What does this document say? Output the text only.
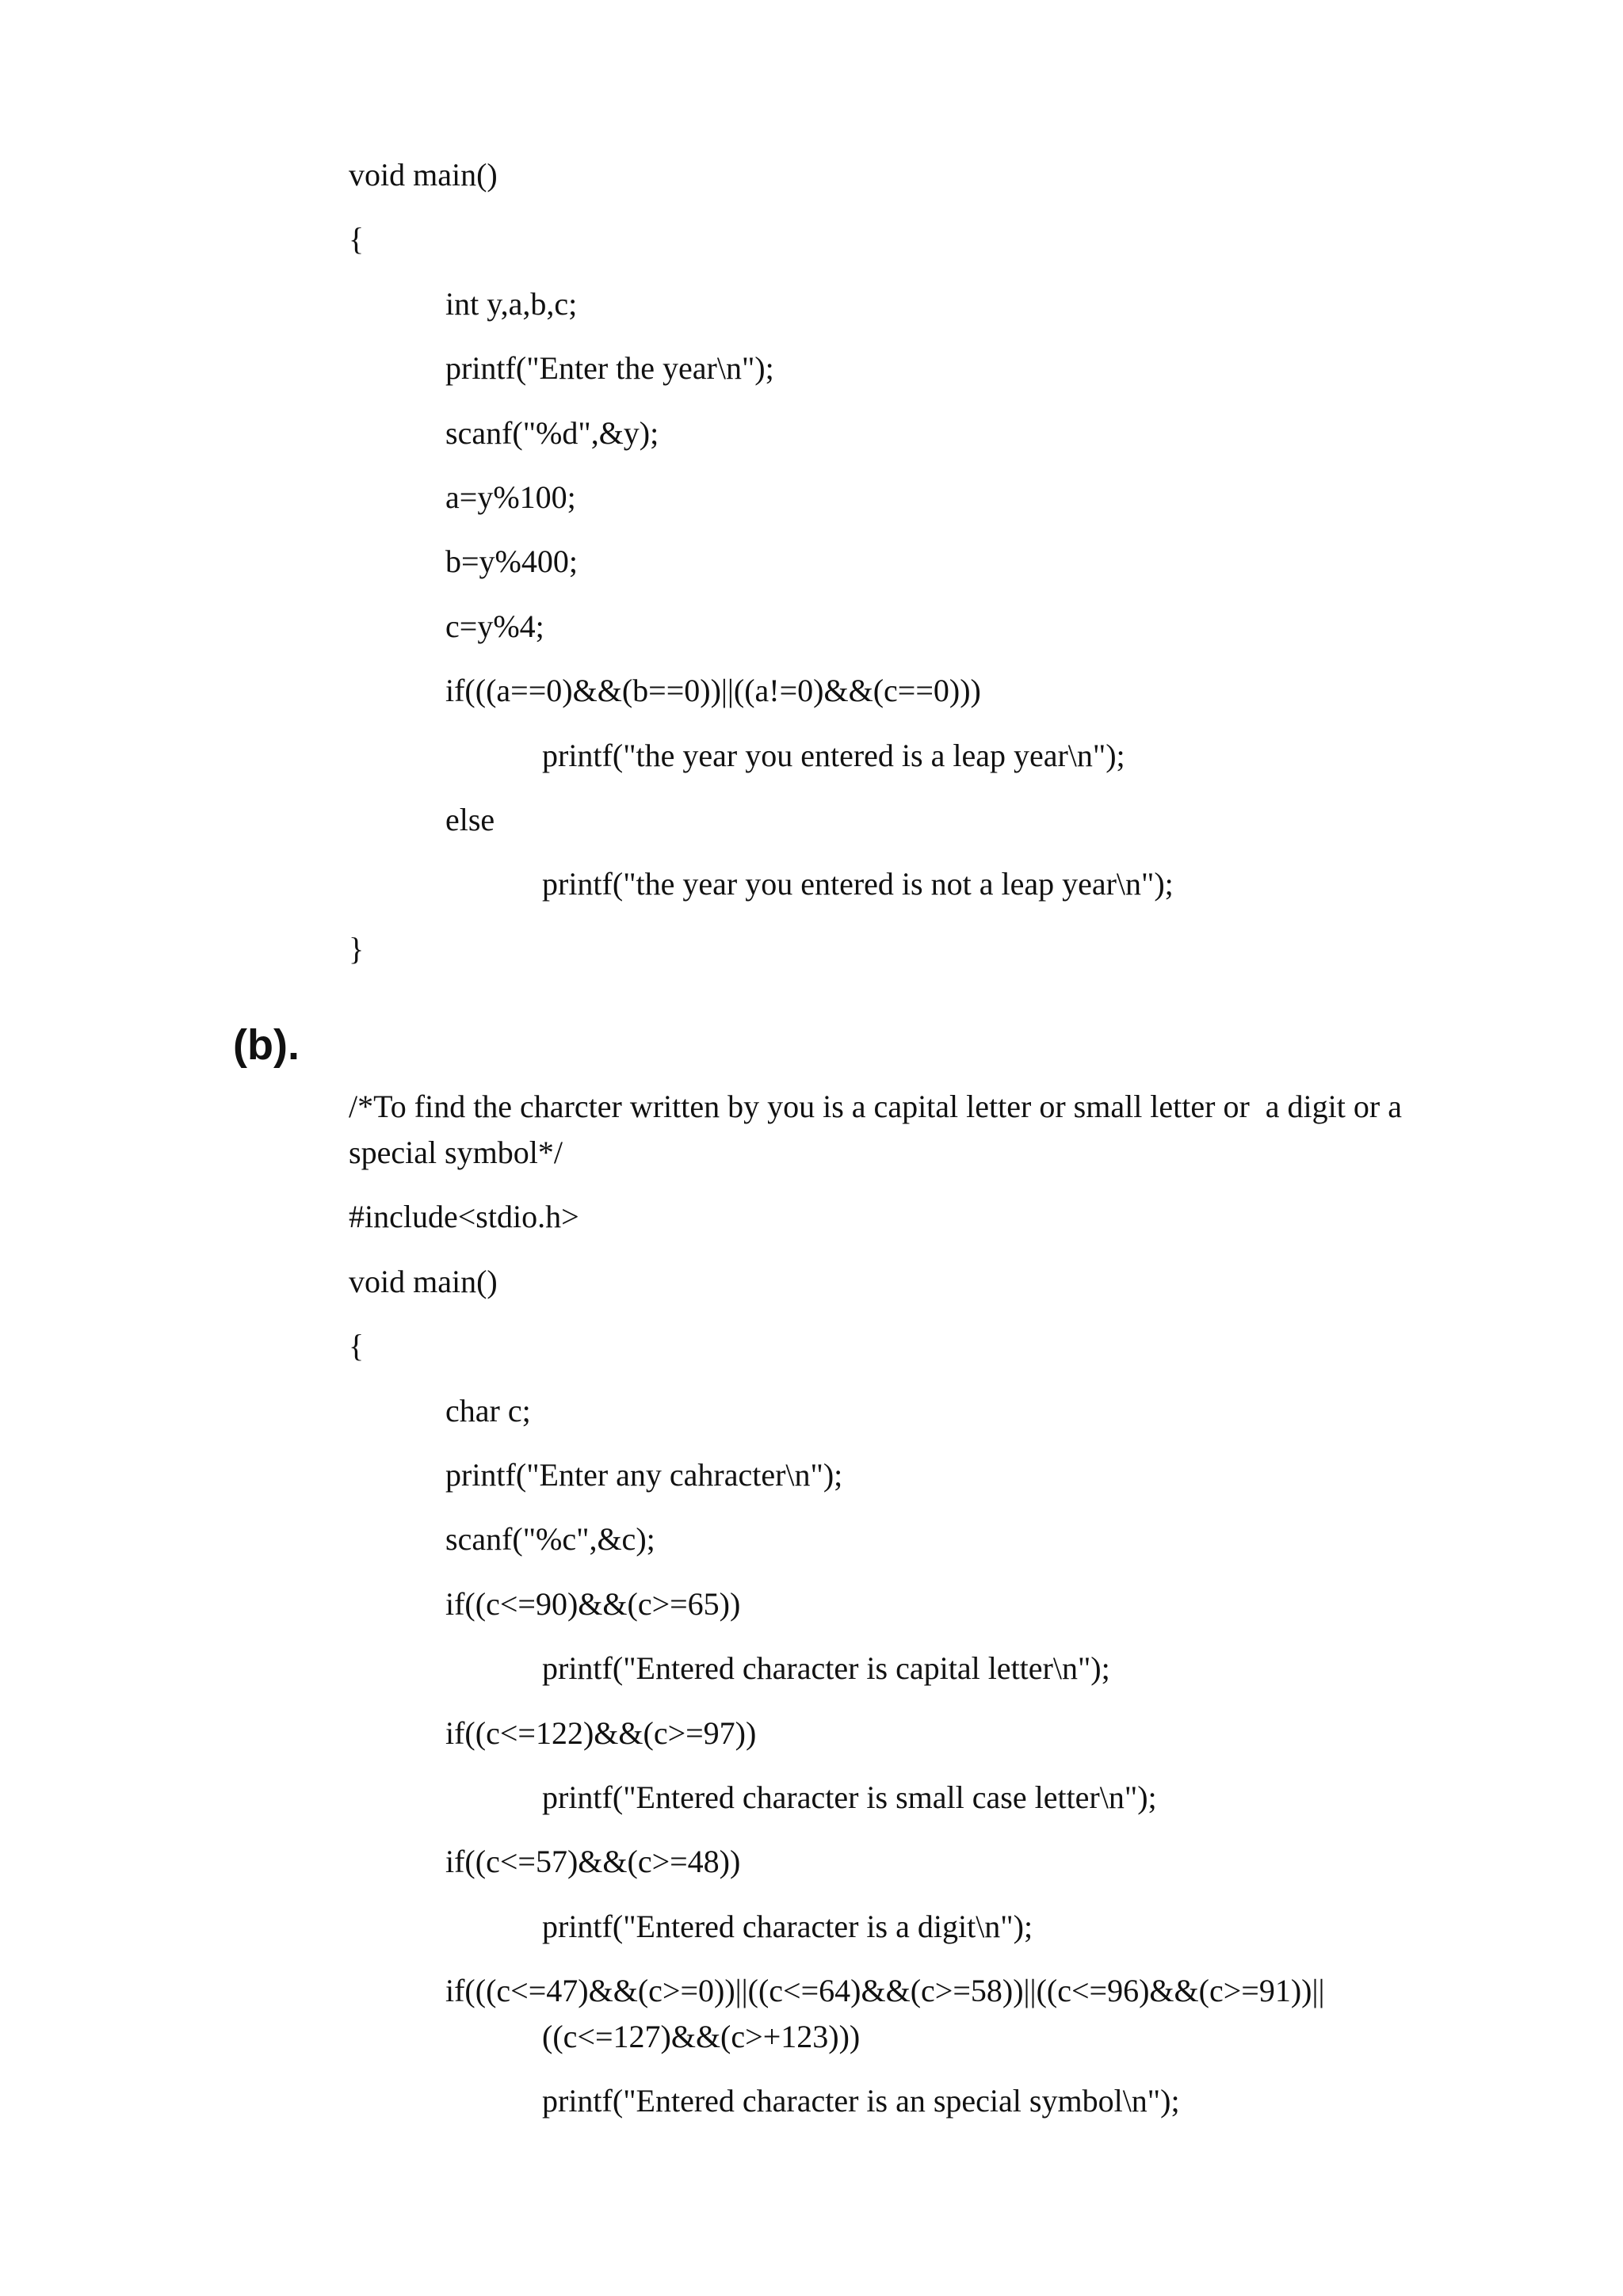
void main()
{
int y,a,b,c;
printf("Enter the year\n");
scanf("%d",&y);
a=y%100;
b=y%400;
c=y%4;
if(((a==0)&&(b==0))||((a!=0)&&(c==0)))
printf("the year you entered is a leap year\n");
else
printf("the year you entered is not a leap year\n");
}
(b).
/*To find the charcter written by you is a capital letter or small letter or  a digit or a
special symbol*/
#include<stdio.h>
void main()
{
char c;
printf("Enter any cahracter\n");
scanf("%c",&c);
if((c<=90)&&(c>=65))
printf("Entered character is capital letter\n");
if((c<=122)&&(c>=97))
printf("Entered character is small case letter\n");
if((c<=57)&&(c>=48))
printf("Entered character is a digit\n");
if(((c<=47)&&(c>=0))||((c<=64)&&(c>=58))||((c<=96)&&(c>=91))||
((c<=127)&&(c>+123)))
printf("Entered character is an special symbol\n");
